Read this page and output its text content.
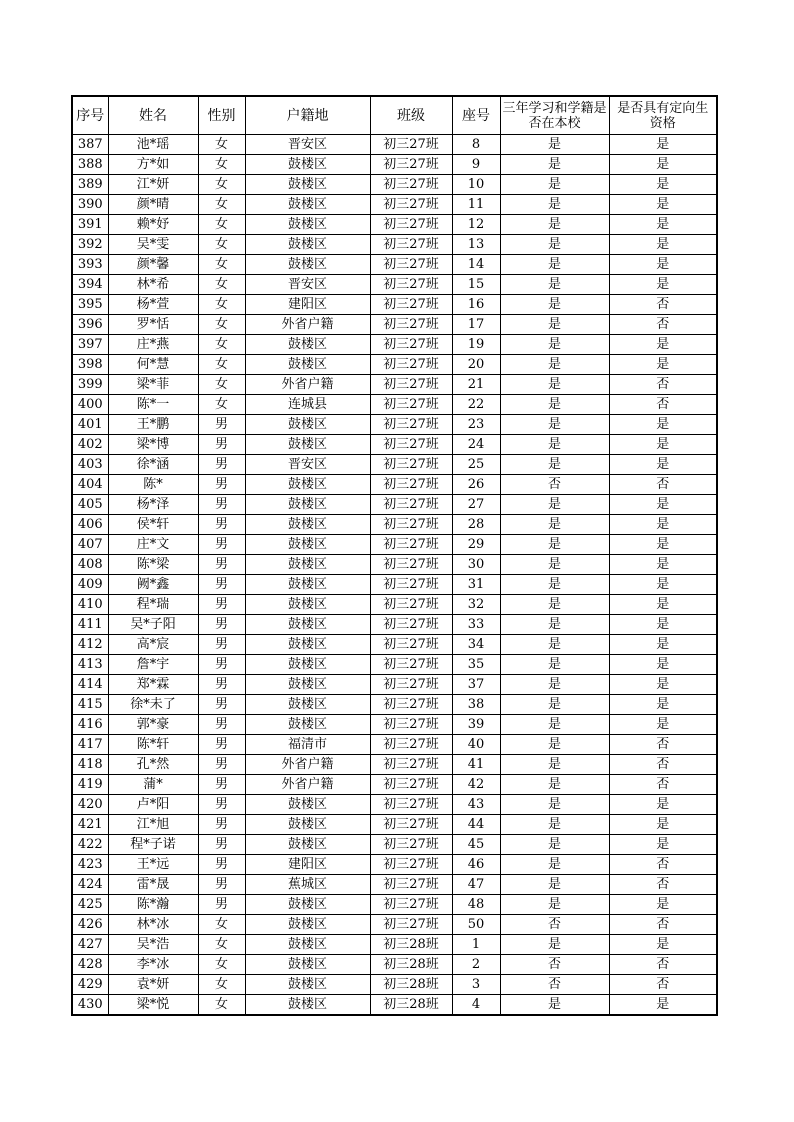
序号	姓名	性别	户籍地	班级	座号	三年学习和学籍是否在本校	是否具有定向生资格
387	池*瑶	女	晋安区	初三27班	8	是	是
388	方*如	女	鼓楼区	初三27班	9	是	是
389	江*妍	女	鼓楼区	初三27班	10	是	是
390	颜*晴	女	鼓楼区	初三27班	11	是	是
391	赖*妤	女	鼓楼区	初三27班	12	是	是
392	吴*雯	女	鼓楼区	初三27班	13	是	是
393	颜*馨	女	鼓楼区	初三27班	14	是	是
394	林*希	女	晋安区	初三27班	15	是	是
395	杨*萱	女	建阳区	初三27班	16	是	否
396	罗*恬	女	外省户籍	初三27班	17	是	否
397	庄*燕	女	鼓楼区	初三27班	19	是	是
398	何*慧	女	鼓楼区	初三27班	20	是	是
399	梁*菲	女	外省户籍	初三27班	21	是	否
400	陈*一	女	连城县	初三27班	22	是	否
401	王*鹏	男	鼓楼区	初三27班	23	是	是
402	梁*博	男	鼓楼区	初三27班	24	是	是
403	徐*涵	男	晋安区	初三27班	25	是	是
404	陈*	男	鼓楼区	初三27班	26	否	否
405	杨*泽	男	鼓楼区	初三27班	27	是	是
406	侯*轩	男	鼓楼区	初三27班	28	是	是
407	庄*文	男	鼓楼区	初三27班	29	是	是
408	陈*梁	男	鼓楼区	初三27班	30	是	是
409	阙*鑫	男	鼓楼区	初三27班	31	是	是
410	程*瑞	男	鼓楼区	初三27班	32	是	是
411	吴*子阳	男	鼓楼区	初三27班	33	是	是
412	高*宸	男	鼓楼区	初三27班	34	是	是
413	詹*宇	男	鼓楼区	初三27班	35	是	是
414	郑*霖	男	鼓楼区	初三27班	37	是	是
415	徐*未了	男	鼓楼区	初三27班	38	是	是
416	郭*豪	男	鼓楼区	初三27班	39	是	是
417	陈*轩	男	福清市	初三27班	40	是	否
418	孔*然	男	外省户籍	初三27班	41	是	否
419	蒲*	男	外省户籍	初三27班	42	是	否
420	卢*阳	男	鼓楼区	初三27班	43	是	是
421	江*旭	男	鼓楼区	初三27班	44	是	是
422	程*子诺	男	鼓楼区	初三27班	45	是	是
423	王*远	男	建阳区	初三27班	46	是	否
424	雷*晟	男	蕉城区	初三27班	47	是	否
425	陈*瀚	男	鼓楼区	初三27班	48	是	是
426	林*冰	女	鼓楼区	初三27班	50	否	否
427	吴*浩	女	鼓楼区	初三28班	1	是	是
428	李*冰	女	鼓楼区	初三28班	2	否	否
429	袁*妍	女	鼓楼区	初三28班	3	否	否
430	梁*悦	女	鼓楼区	初三28班	4	是	是
